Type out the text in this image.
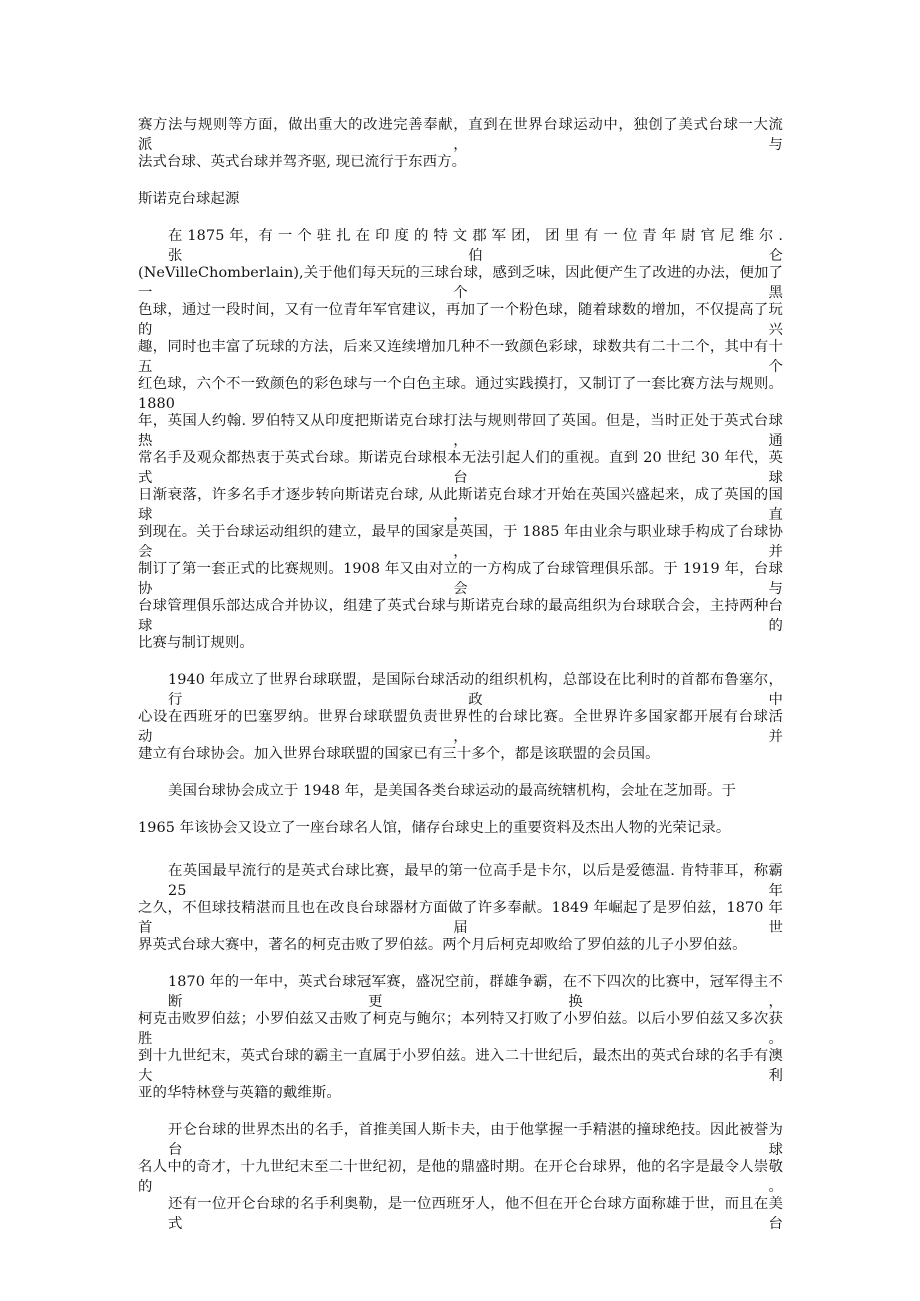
赛方法与规则等方面，做出重大的改进完善奉献，直到在世界台球运动中，独创了美式台球一大流派，与
法式台球、英式台球并驾齐驱, 现已流行于东西方。
斯诺克台球起源
在 1875 年，有 一 个 驻 扎 在 印 度 的 特 文 郡 军 团， 团 里 有 一 位 青 年 尉 官 尼 维 尔 . 张 伯 仑
(NeVilleChomberlain),关于他们每天玩的三球台球，感到乏味，因此便产生了改进的办法，便加了一个黑
色球，通过一段时间，又有一位青年军官建议，再加了一个粉色球，随着球数的增加，不仅提高了玩的兴
趣，同时也丰富了玩球的方法，后来又连续增加几种不一致颜色彩球，球数共有二十二个，其中有十五个
红色球，六个不一致颜色的彩色球与一个白色主球。通过实践摸打，又制订了一套比赛方法与规则。1880
年，英国人约翰. 罗伯特又从印度把斯诺克台球打法与规则带回了英国。但是，当时正处于英式台球热，通
常名手及观众都热衷于英式台球。斯诺克台球根本无法引起人们的重视。直到 20 世纪 30 年代，英式台球
日渐衰落，许多名手才逐步转向斯诺克台球, 从此斯诺克台球才开始在英国兴盛起来，成了英国的国球，直
到现在。关于台球运动组织的建立，最早的国家是英国，于 1885 年由业余与职业球手构成了台球协会，并
制订了第一套正式的比赛规则。1908 年又由对立的一方构成了台球管理俱乐部。于 1919 年，台球协会与
台球管理俱乐部达成合并协议，组建了英式台球与斯诺克台球的最高组织为台球联合会，主持两种台球的
比赛与制订规则。
1940 年成立了世界台球联盟，是国际台球活动的组织机构，总部设在比利时的首都布鲁塞尔，行政中
心设在西班牙的巴塞罗纳。世界台球联盟负责世界性的台球比赛。全世界许多国家都开展有台球活动，并
建立有台球协会。加入世界台球联盟的国家已有三十多个，都是该联盟的会员国。
美国台球协会成立于 1948 年，是美国各类台球运动的最高统辖机构，会址在芝加哥。于
1965 年该协会又设立了一座台球名人馆，储存台球史上的重要资料及杰出人物的光荣记录。
在英国最早流行的是英式台球比赛，最早的第一位高手是卡尔，以后是爱德温. 肯特菲耳，称霸 25 年
之久，不但球技精湛而且也在改良台球器材方面做了许多奉献。1849 年崛起了是罗伯兹，1870 年首届世
界英式台球大赛中，著名的柯克击败了罗伯兹。两个月后柯克却败给了罗伯兹的儿子小罗伯兹。
1870 年的一年中，英式台球冠军赛，盛况空前，群雄争霸，在不下四次的比赛中，冠军得主不断更换，
柯克击败罗伯兹；小罗伯兹又击败了柯克与鲍尔；本列特又打败了小罗伯兹。以后小罗伯兹又多次获胜。
到十九世纪末，英式台球的霸主一直属于小罗伯兹。进入二十世纪后，最杰出的英式台球的名手有澳大利
亚的华特林登与英籍的戴维斯。
开仑台球的世界杰出的名手，首推美国人斯卡夫，由于他掌握一手精湛的撞球绝技。因此被誉为台球
名人中的奇才，十九世纪末至二十世纪初，是他的鼎盛时期。在开仑台球界，他的名字是最令人崇敬的。
还有一位开仑台球的名手利奥勒，是一位西班牙人，他不但在开仑台球方面称雄于世，而且在美式台
